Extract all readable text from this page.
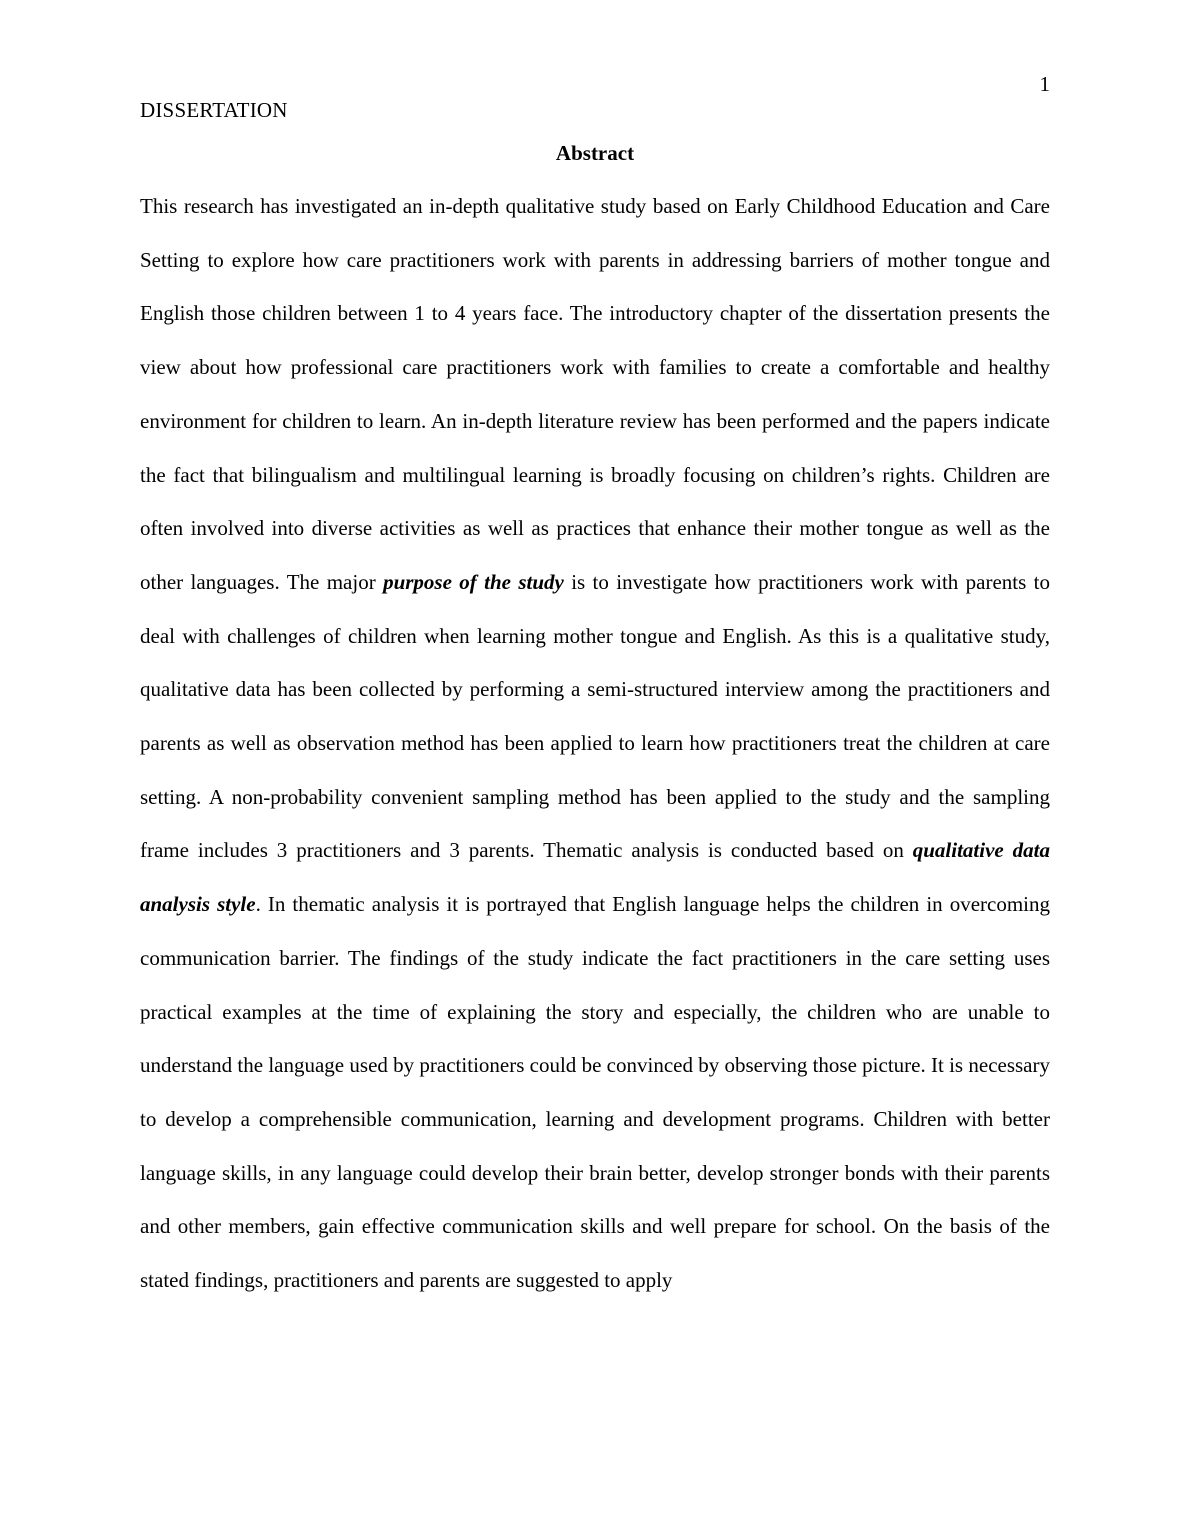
1
DISSERTATION
Abstract

This research has investigated an in-depth qualitative study based on Early Childhood Education and Care Setting to explore how care practitioners work with parents in addressing barriers of mother tongue and English those children between 1 to 4 years face. The introductory chapter of the dissertation presents the view about how professional care practitioners work with families to create a comfortable and healthy environment for children to learn. An in-depth literature review has been performed and the papers indicate the fact that bilingualism and multilingual learning is broadly focusing on children’s rights. Children are often involved into diverse activities as well as practices that enhance their mother tongue as well as the other languages. The major purpose of the study is to investigate how practitioners work with parents to deal with challenges of children when learning mother tongue and English. As this is a qualitative study, qualitative data has been collected by performing a semi-structured interview among the practitioners and parents as well as observation method has been applied to learn how practitioners treat the children at care setting. A non-probability convenient sampling method has been applied to the study and the sampling frame includes 3 practitioners and 3 parents. Thematic analysis is conducted based on qualitative data analysis style. In thematic analysis it is portrayed that English language helps the children in overcoming communication barrier. The findings of the study indicate the fact practitioners in the care setting uses practical examples at the time of explaining the story and especially, the children who are unable to understand the language used by practitioners could be convinced by observing those picture. It is necessary to develop a comprehensible communication, learning and development programs. Children with better language skills, in any language could develop their brain better, develop stronger bonds with their parents and other members, gain effective communication skills and well prepare for school. On the basis of the stated findings, practitioners and parents are suggested to apply
